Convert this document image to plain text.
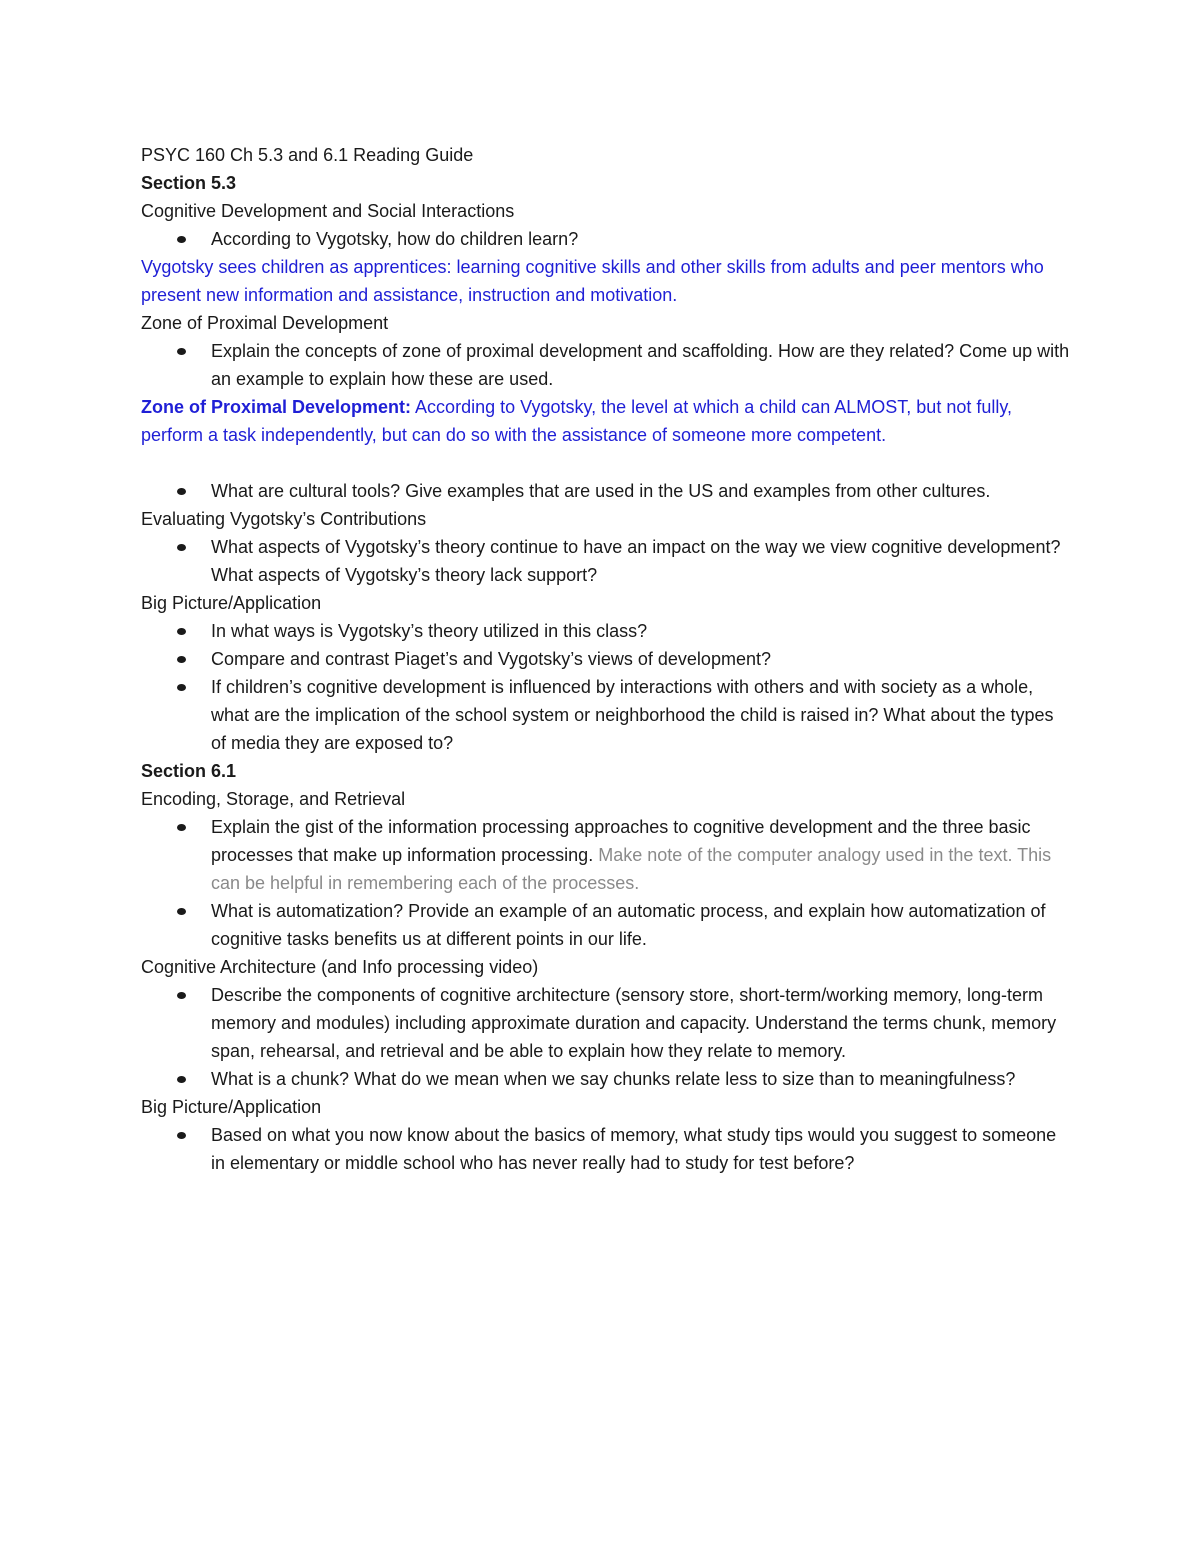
PSYC 160 Ch 5.3 and 6.1 Reading Guide

Section 5.3

Cognitive Development and Social Interactions

According to Vygotsky, how do children learn?

Vygotsky sees children as apprentices: learning cognitive skills and other skills from adults and peer mentors who present new information and assistance, instruction and motivation.

Zone of Proximal Development

Explain the concepts of zone of proximal development and scaffolding. How are they related? Come up with an example to explain how these are used.

Zone of Proximal Development: According to Vygotsky, the level at which a child can ALMOST, but not fully, perform a task independently, but can do so with the assistance of someone more competent.

What are cultural tools? Give examples that are used in the US and examples from other cultures.

Evaluating Vygotsky’s Contributions

What aspects of Vygotsky’s theory continue to have an impact on the way we view cognitive development? What aspects of Vygotsky’s theory lack support?

Big Picture/Application

In what ways is Vygotsky’s theory utilized in this class?
Compare and contrast Piaget’s and Vygotsky’s views of development?
If children’s cognitive development is influenced by interactions with others and with society as a whole, what are the implication of the school system or neighborhood the child is raised in? What about the types of media they are exposed to?

Section 6.1

Encoding, Storage, and Retrieval

Explain the gist of the information processing approaches to cognitive development and the three basic processes that make up information processing. Make note of the computer analogy used in the text. This can be helpful in remembering each of the processes.
What is automatization? Provide an example of an automatic process, and explain how automatization of cognitive tasks benefits us at different points in our life.

Cognitive Architecture (and Info processing video)

Describe the components of cognitive architecture (sensory store, short-term/working memory, long-term memory and modules) including approximate duration and capacity. Understand the terms chunk, memory span, rehearsal, and retrieval and be able to explain how they relate to memory.
What is a chunk? What do we mean when we say chunks relate less to size than to meaningfulness?

Big Picture/Application

Based on what you now know about the basics of memory, what study tips would you suggest to someone in elementary or middle school who has never really had to study for test before?
